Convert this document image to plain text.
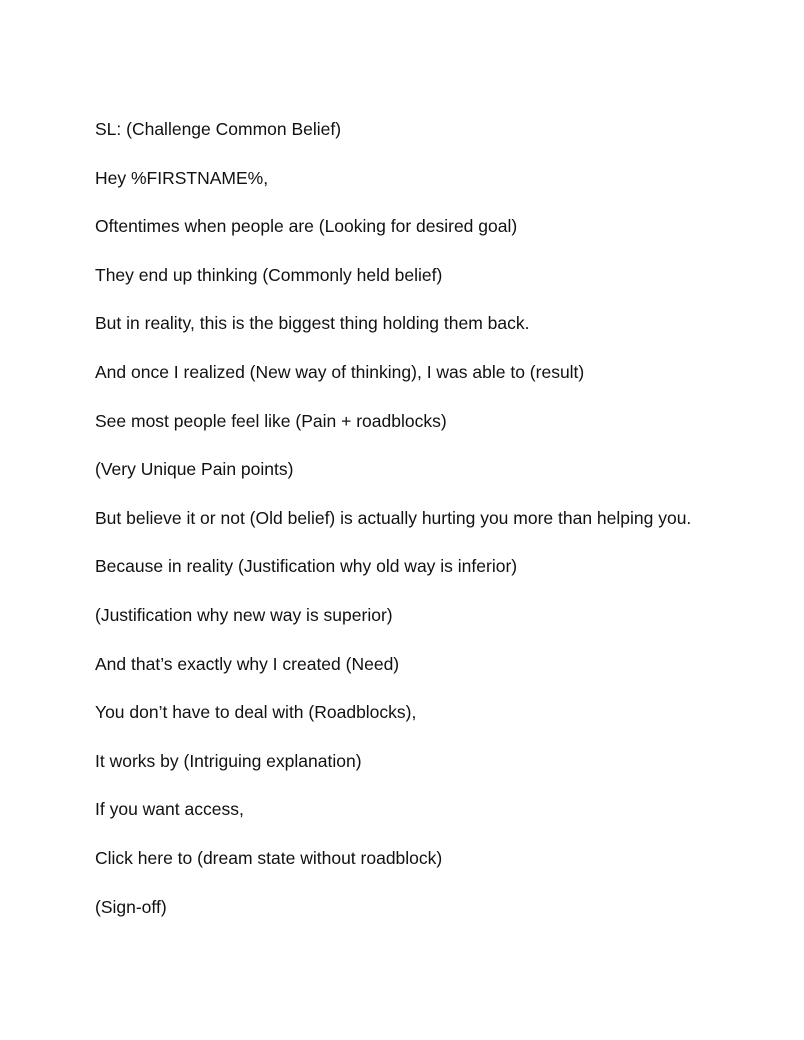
SL: (Challenge Common Belief)

Hey %FIRSTNAME%,

Oftentimes when people are (Looking for desired goal)

They end up thinking (Commonly held belief)

But in reality, this is the biggest thing holding them back.

And once I realized (New way of thinking), I was able to (result)

See most people feel like (Pain + roadblocks)

(Very Unique Pain points)

But believe it or not (Old belief) is actually hurting you more than helping you.

Because in reality (Justification why old way is inferior)

(Justification why new way is superior)

And that’s exactly why I created (Need)

You don’t have to deal with (Roadblocks),

It works by (Intriguing explanation)

If you want access,

Click here to (dream state without roadblock)

(Sign-off)
